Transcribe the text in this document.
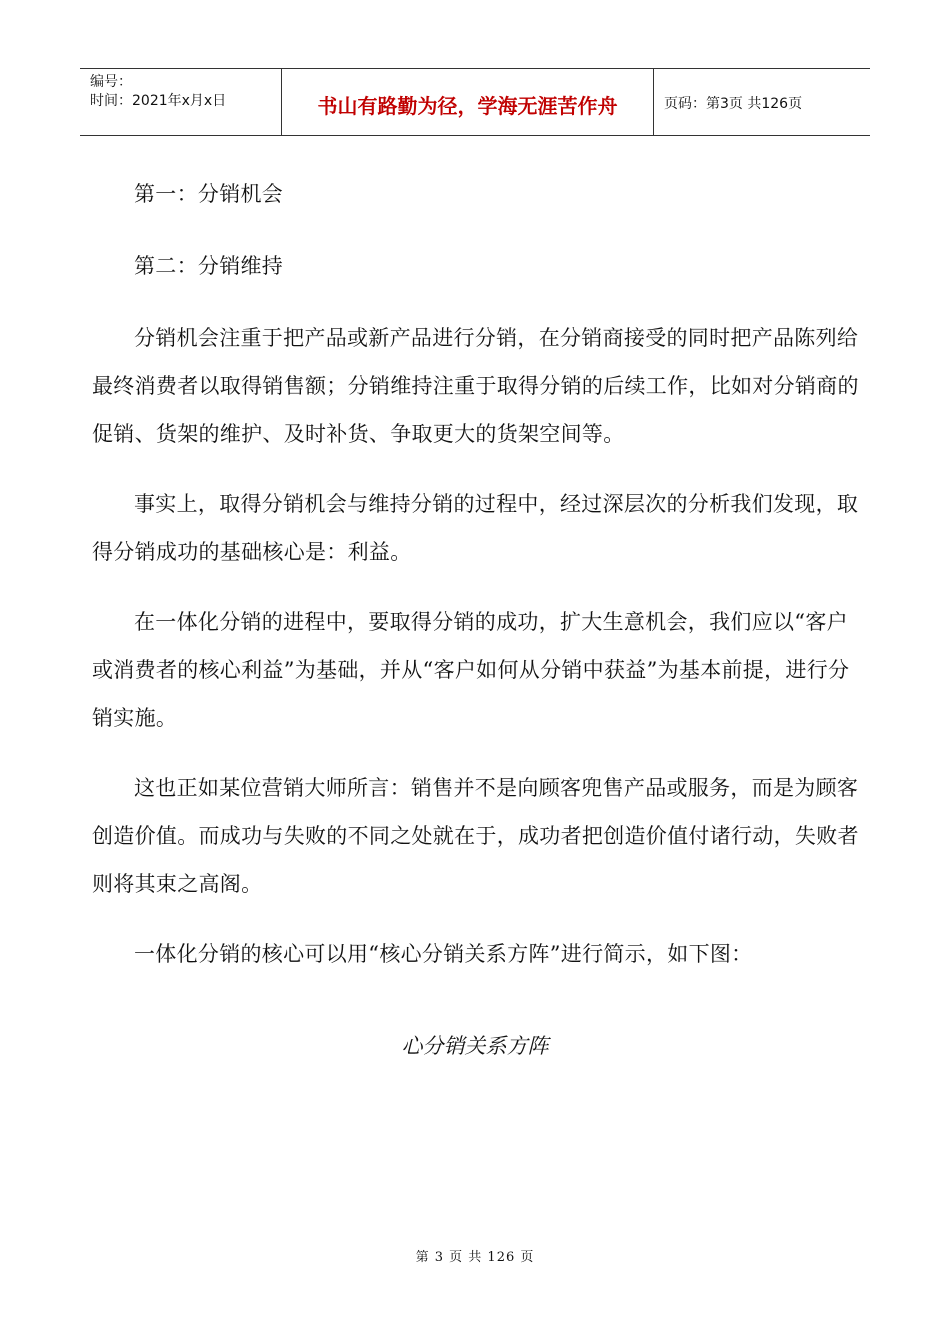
编号：
时间：2021年x月x日	书山有路勤为径，学海无涯苦作舟	页码：第3页 共126页

第一：分销机会

第二：分销维持

分销机会注重于把产品或新产品进行分销，在分销商接受的同时把产品陈列给最终消费者以取得销售额；分销维持注重于取得分销的后续工作，比如对分销商的促销、货架的维护、及时补货、争取更大的货架空间等。

事实上，取得分销机会与维持分销的过程中，经过深层次的分析我们发现，取得分销成功的基础核心是：利益。

在一体化分销的进程中，要取得分销的成功，扩大生意机会，我们应以“客户或消费者的核心利益”为基础，并从“客户如何从分销中获益”为基本前提，进行分销实施。

这也正如某位营销大师所言：销售并不是向顾客兜售产品或服务，而是为顾客创造价值。而成功与失败的不同之处就在于，成功者把创造价值付诸行动，失败者则将其束之高阁。

一体化分销的核心可以用“核心分销关系方阵”进行简示，如下图：

心分销关系方阵
第 3 页 共 126 页
